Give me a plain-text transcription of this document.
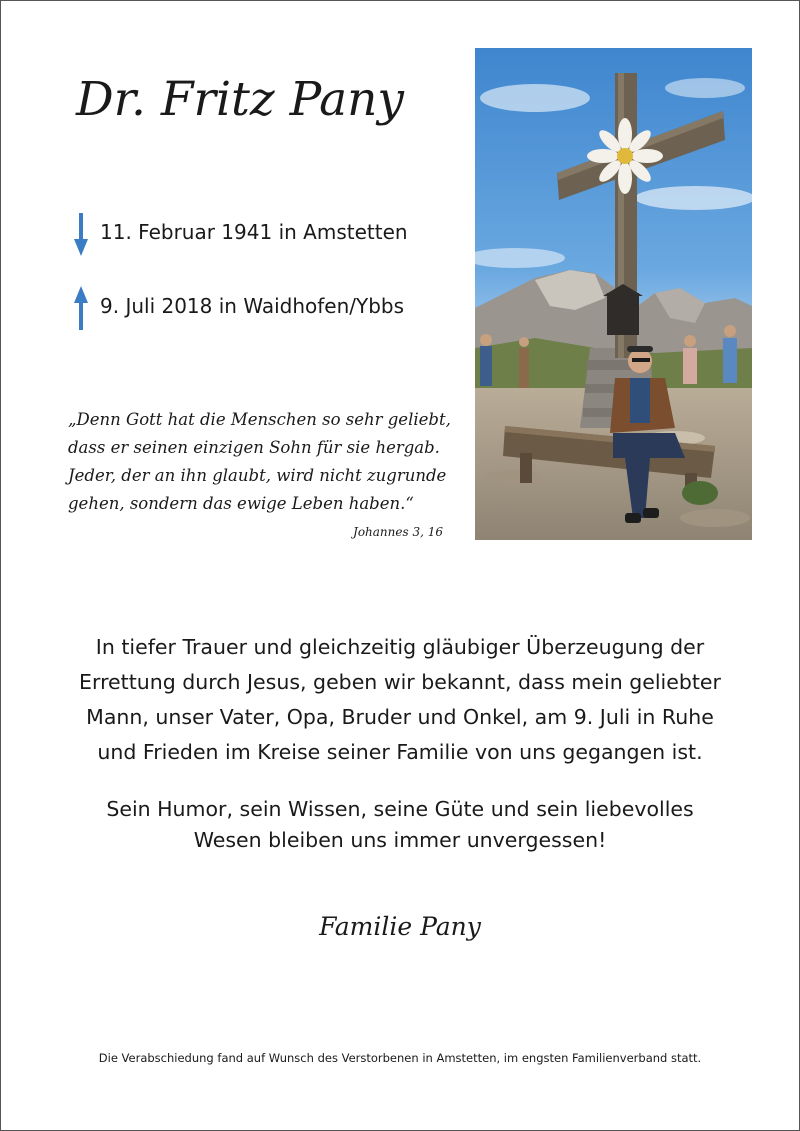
Dr. Fritz Pany
11. Februar 1941 in Amstetten
9. Juli 2018 in Waidhofen/Ybbs
„Denn Gott hat die Menschen so sehr geliebt,
dass er seinen einzigen Sohn für sie hergab.
Jeder, der an ihn glaubt, wird nicht zugrunde
gehen, sondern das ewige Leben haben.“
Johannes 3, 16
In tiefer Trauer und gleichzeitig gläubiger Überzeugung der
Errettung durch Jesus, geben wir bekannt, dass mein geliebter
Mann, unser Vater, Opa, Bruder und Onkel, am 9. Juli in Ruhe
und Frieden im Kreise seiner Familie von uns gegangen ist.
Sein Humor, sein Wissen, seine Güte und sein liebevolles
Wesen bleiben uns immer unvergessen!
Familie Pany
Die Verabschiedung fand auf Wunsch des Verstorbenen in Amstetten, im engsten Familienverband statt.
